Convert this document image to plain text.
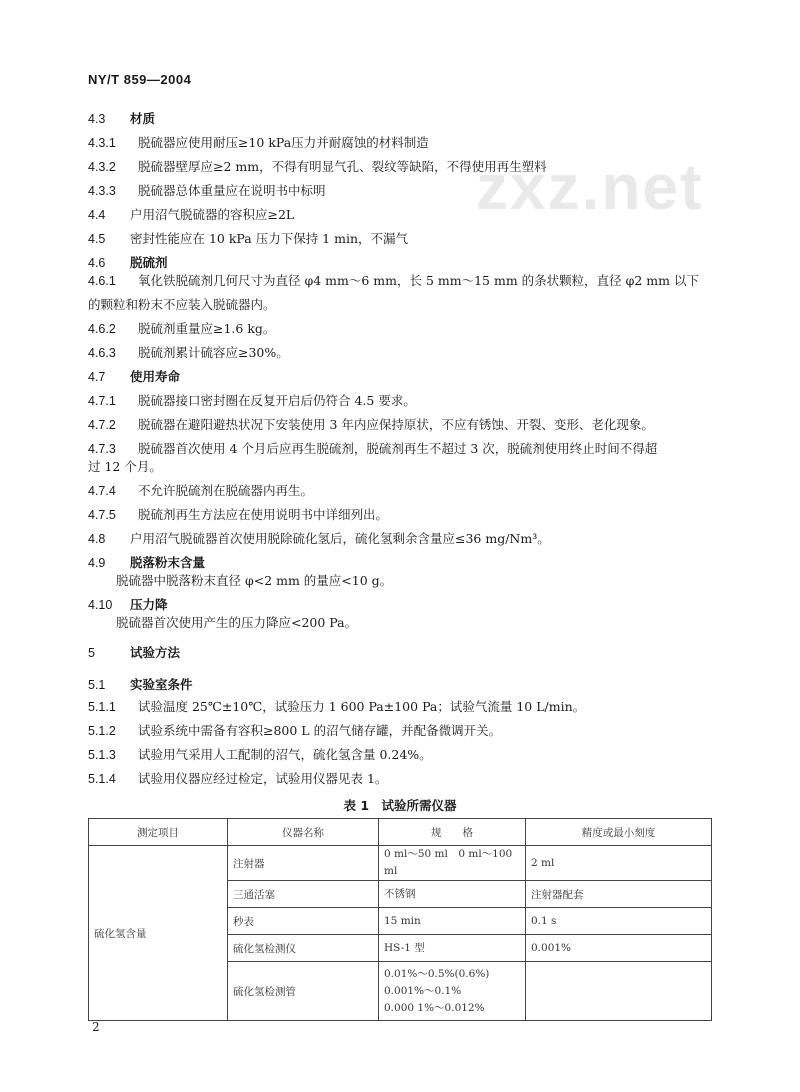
NY/T 859—2004
zxz.net
4.3 材质
4.3.1 脱硫器应使用耐压≥10 kPa压力并耐腐蚀的材料制造
4.3.2 脱硫器壁厚应≥2 mm，不得有明显气孔、裂纹等缺陷，不得使用再生塑料
4.3.3 脱硫器总体重量应在说明书中标明
4.4 户用沼气脱硫器的容积应≥2L
4.5 密封性能应在 10 kPa 压力下保持 1 min，不漏气
4.6 脱硫剂
4.6.1 氧化铁脱硫剂几何尺寸为直径 φ4 mm～6 mm，长 5 mm～15 mm 的条状颗粒，直径 φ2 mm 以下
的颗粒和粉末不应装入脱硫器内。
4.6.2 脱硫剂重量应≥1.6 kg。
4.6.3 脱硫剂累计硫容应≥30%。
4.7 使用寿命
4.7.1 脱硫器接口密封圈在反复开启后仍符合 4.5 要求。
4.7.2 脱硫器在避阳避热状况下安装使用 3 年内应保持原状，不应有锈蚀、开裂、变形、老化现象。
4.7.3 脱硫器首次使用 4 个月后应再生脱硫剂，脱硫剂再生不超过 3 次，脱硫剂使用终止时间不得超
过 12 个月。
4.7.4 不允许脱硫剂在脱硫器内再生。
4.7.5 脱硫剂再生方法应在使用说明书中详细列出。
4.8 户用沼气脱硫器首次使用脱除硫化氢后，硫化氢剩余含量应≤36 mg/Nm³。
4.9 脱落粉末含量
脱硫器中脱落粉末直径 φ<2 mm 的量应<10 g。
4.10 压力降
脱硫器首次使用产生的压力降应<200 Pa。
5	试验方法
5.1 实验室条件
5.1.1 试验温度 25℃±10℃，试验压力 1 600 Pa±100 Pa；试验气流量 10 L/min。
5.1.2 试验系统中需备有容积≥800 L 的沼气储存罐，并配备微调开关。
5.1.3 试验用气采用人工配制的沼气，硫化氢含量 0.24%。
5.1.4 试验用仪器应经过检定，试验用仪器见表 1。
表 1　试验所需仪器
测定项目	仪器名称	规　　格	精度或最小刻度
硫化氢含量	注射器	0 ml～50 ml　0 ml～100 ml	2 ml
	三通活塞	不锈钢	注射器配套
	秒表	15 min	0.1 s
	硫化氢检测仪	HS-1 型	0.001%
	硫化氢检测管	0.01%～0.5%(0.6%)
0.001%～0.1%
0.000 1%～0.012%	

2
